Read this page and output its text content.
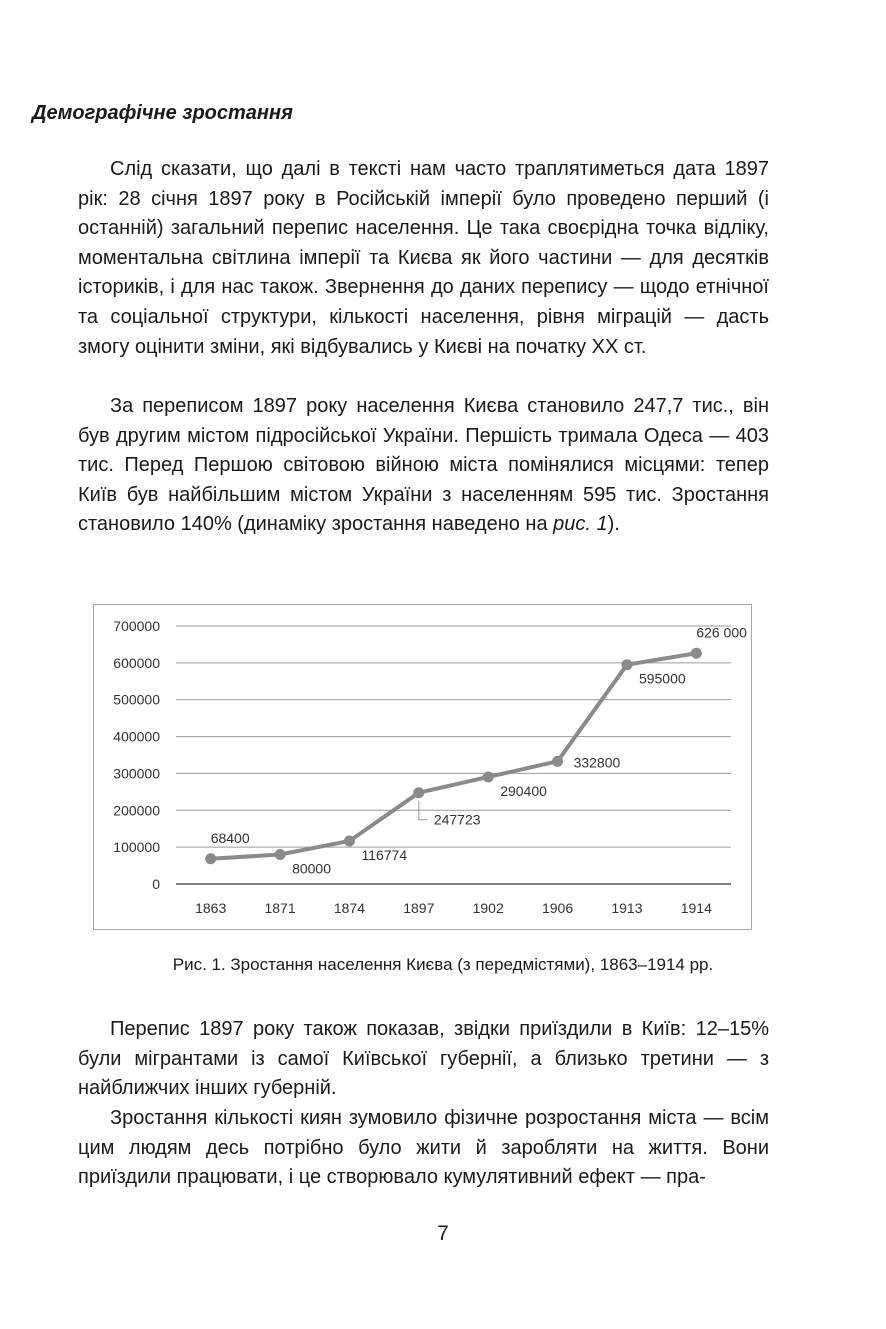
Демографічне зростання

Слід сказати, що далі в тексті нам часто траплятиметься дата 1897 рік: 28 січня 1897 року в Російській імперії було проведено перший (і останній) загальний перепис населення. Це така своєрідна точка відліку, моментальна світлина імперії та Києва як його частини — для десятків істориків, і для нас також. Звернення до даних перепису — щодо етнічної та соціальної структури, кількості населення, рівня міграцій — дасть змогу оцінити зміни, які відбувались у Києві на початку XX ст.

За переписом 1897 року населення Києва становило 247,7 тис., він був другим містом підросійської України. Першість тримала Одеса — 403 тис. Перед Першою світовою війною міста помінялися місцями: тепер Київ був найбільшим містом України з населенням 595 тис. Зростання становило 140% (динаміку зростання наведено на рис. 1).

Перепис 1897 року також показав, звідки приїздили в Київ: 12–15% були мігрантами із самої Київської губернії, а близько третини — з найближчих інших губерній.

Зростання кількості киян зумовило фізичне розростання міста — всім цим людям десь потрібно було жити й заробляти на життя. Вони приїздили працювати, і це створювало кумулятивний ефект — пра-

0
100000
200000
300000
400000
500000
600000
700000
1863	1871	1874	1897	1902	1906	1913	1914
68400
80000
116774
247723
290400
332800
595000
626 000

Рис. 1. Зростання населення Києва (з передмістями), 1863–1914 рр.

7
